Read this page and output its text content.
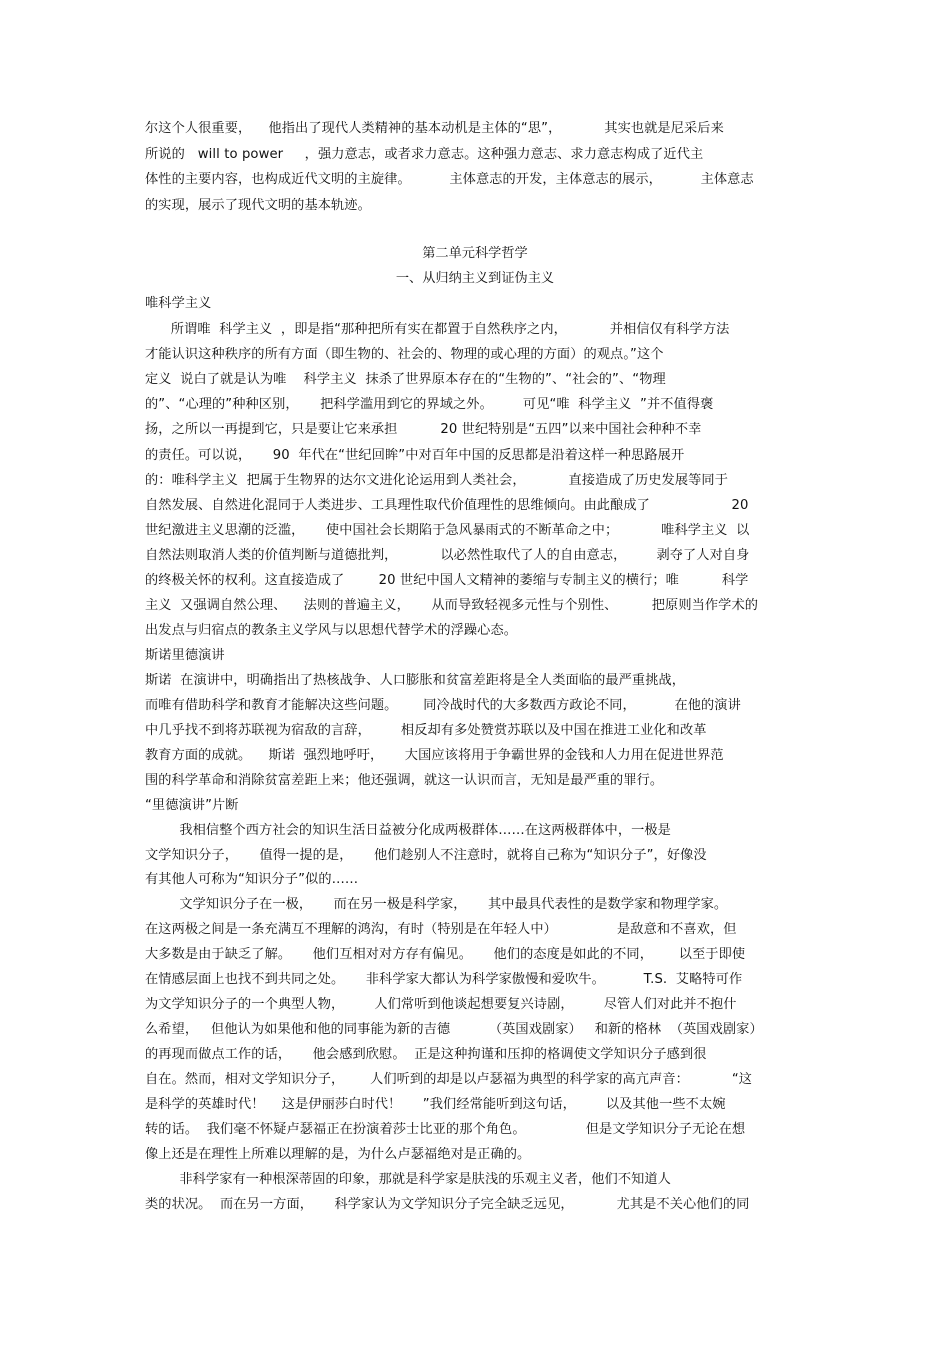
尔这个人很重要，    他指出了现代人类精神的基本动机是主体的“思”，          其实也就是尼采后来
所说的   will to power     ，强力意志，或者求力意志。这种强力意志、求力意志构成了近代主
体性的主要内容，也构成近代文明的主旋律。         主体意志的开发，主体意志的展示，         主体意志
的实现，展示了现代文明的基本轨迹。
第二单元科学哲学
一、从归纳主义到证伪主义
唯科学主义
所谓唯  科学主义  ，即是指“那种把所有实在都置于自然秩序之内，          并相信仅有科学方法
才能认识这种秩序的所有方面（即生物的、社会的、物理的或心理的方面）的观点。”这个
定义  说白了就是认为唯    科学主义  抹杀了世界原本存在的“生物的”、“社会的”、“物理
的”、“心理的”种种区别，     把科学滥用到它的界域之外。       可见“唯  科学主义  ”并不值得褒
扬，之所以一再提到它，只是要让它来承担          20 世纪特别是“五四”以来中国社会种种不幸
的责任。可以说，     90  年代在“世纪回眸”中对百年中国的反思都是沿着这样一种思路展开
的：唯科学主义  把属于生物界的达尔文进化论运用到人类社会，          直接造成了历史发展等同于
自然发展、自然进化混同于人类进步、工具理性取代价值理性的思维倾向。由此酿成了                   20
世纪激进主义思潮的泛滥，     使中国社会长期陷于急风暴雨式的不断革命之中；          唯科学主义  以
自然法则取消人类的价值判断与道德批判，          以必然性取代了人的自由意志，       剥夺了人对自身
的终极关怀的权利。这直接造成了        20 世纪中国人文精神的萎缩与专制主义的横行；唯          科学
主义  又强调自然公理、    法则的普遍主义，     从而导致轻视多元性与个别性、        把原则当作学术的
出发点与归宿点的教条主义学风与以思想代替学术的浮躁心态。
斯诺里德演讲
斯诺  在演讲中，明确指出了热核战争、人口膨胀和贫富差距将是全人类面临的最严重挑战，
而唯有借助科学和教育才能解决这些问题。      同冷战时代的大多数西方政论不同，         在他的演讲
中几乎找不到将苏联视为宿敌的言辞，       相反却有多处赞赏苏联以及中国在推进工业化和改革
教育方面的成就。    斯诺  强烈地呼吁，     大国应该将用于争霸世界的金钱和人力用在促进世界范
围的科学革命和消除贫富差距上来；他还强调，就这一认识而言，无知是最严重的罪行。
“里德演讲”片断
我相信整个西方社会的知识生活日益被分化成两极群体……在这两极群体中，一极是
文学知识分子，     值得一提的是，     他们趁别人不注意时，就将自己称为“知识分子”，好像没
有其他人可称为“知识分子”似的……
文学知识分子在一极，     而在另一极是科学家，     其中最具代表性的是数学家和物理学家。
在这两极之间是一条充满互不理解的鸿沟，有时（特别是在年轻人中）              是敌意和不喜欢，但
大多数是由于缺乏了解。     他们互相对对方存有偏见。     他们的态度是如此的不同，      以至于即使
在情感层面上也找不到共同之处。     非科学家大都认为科学家傲慢和爱吹牛。         T.S.  艾略特可作
为文学知识分子的一个典型人物，       人们常听到他谈起想要复兴诗剧，       尽管人们对此并不抱什
么希望，   但他认为如果他和他的同事能为新的吉德         （英国戏剧家）   和新的格林  （英国戏剧家）
的再现而做点工作的话，     他会感到欣慰。  正是这种拘谨和压抑的格调使文学知识分子感到很
自在。然而，相对文学知识分子，      人们听到的却是以卢瑟福为典型的科学家的高亢声音：          “这
是科学的英雄时代！    这是伊丽莎白时代！     ”我们经常能听到这句话，       以及其他一些不太婉
转的话。  我们毫不怀疑卢瑟福正在扮演着莎士比亚的那个角色。              但是文学知识分子无论在想
像上还是在理性上所难以理解的是，为什么卢瑟福绝对是正确的。
非科学家有一种根深蒂固的印象，那就是科学家是肤浅的乐观主义者，他们不知道人
类的状况。  而在另一方面，     科学家认为文学知识分子完全缺乏远见，          尤其是不关心他们的同
